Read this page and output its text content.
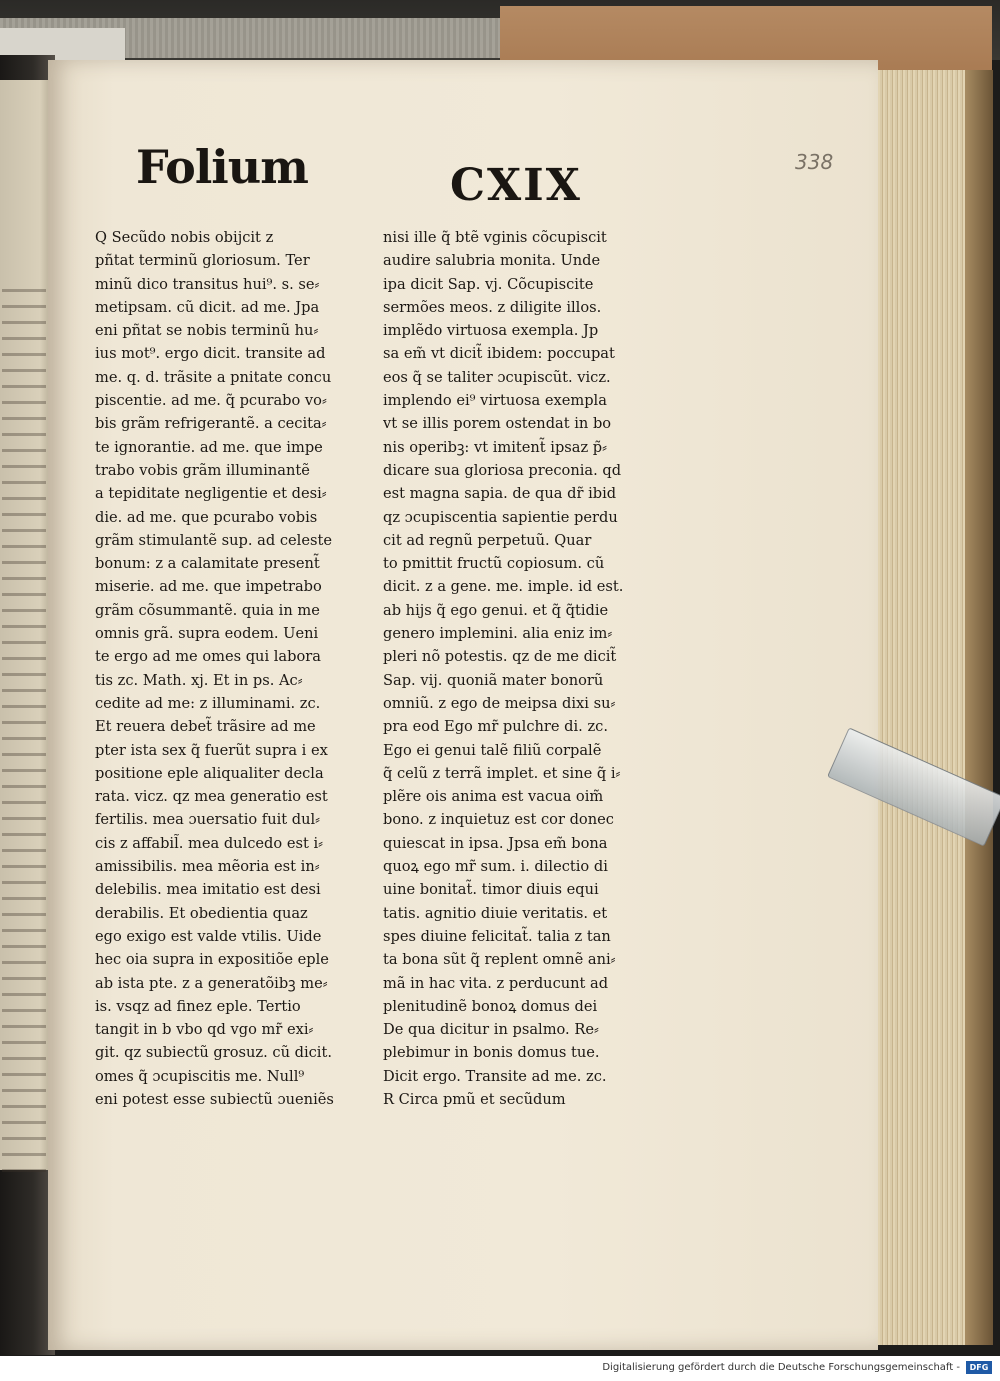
Folium	CXIX	338
Q Secũdo nobis obijcit z
pñtat terminũ gloriosum. Ter
minũ dico transitus hui⁹. s. se⸗
metipsam. cũ dicit. ad me. Jpa
eni pñtat se nobis terminũ hu⸗
ius mot⁹. ergo dicit. transite ad
me. q. d. trãsite a pnitate concu
piscentie. ad me. q̃ pcurabo vo⸗
bis grãm refrigerantẽ. a cecita⸗
te ignorantie. ad me. que impe
trabo vobis grãm illuminantẽ
a tepiditate negligentie et desi⸗
die. ad me. que pcurabo vobis
grãm stimulantẽ sup. ad celeste
bonum: z a calamitate present̃
miserie. ad me. que impetrabo
grãm cõsummantẽ. quia in me
omnis grã. supra eodem. Ueni
te ergo ad me omes qui labora
tis zc. Math. xj. Et in ps. Ac⸗
cedite ad me: z illuminami. zc.
Et reuera debet̃ trãsire ad me
pter ista sex q̃ fuerũt supra i ex
positione eple aliqualiter decla
rata. vicz. qz mea generatio est
fertilis. mea ɔuersatio fuit dul⸗
cis z affabil̃. mea dulcedo est i⸗
amissibilis. mea mẽoria est in⸗
delebilis. mea imitatio est desi
derabilis. Et obedientia quaz
ego exigo est valde vtilis. Uide
hec oia supra in expositiõe eple
ab ista pte. z a generatõibꝫ me⸗
is. vsqz ad finez eple. Tertio
tangit in b vbo qd vgo mr̃ exi⸗
git. qz subiectũ grosuz. cũ dicit.
omes q̃ ɔcupiscitis me. Null⁹
eni potest esse subiectũ ɔueniẽs
nisi ille q̃ btẽ vginis cõcupiscit
audire salubria monita. Unde
ipa dicit Sap. vj. Cõcupiscite
sermões meos. z diligite illos.
implẽdo virtuosa exempla. Jp
sa em̃ vt dicit̃ ibidem: poccupat
eos q̃ se taliter ɔcupiscũt. vicz.
implendo ei⁹ virtuosa exempla
vt se illis porem ostendat in bo
nis operibꝫ: vt imitent̃ ipsaz p̃⸗
dicare sua gloriosa preconia. qd
est magna sapia. de qua dr̃ ibid
qz ɔcupiscentia sapientie perdu
cit ad regnũ perpetuũ. Quar
to pmittit fructũ copiosum. cũ
dicit. z a gene. me. imple. id est.
ab hijs q̃ ego genui. et q̃ q̃tidie
genero implemini. alia eniz im⸗
pleri nõ potestis. qz de me dicit̃
Sap. vij. quoniã mater bonorũ
omniũ. z ego de meipsa dixi su⸗
pra eod Ego mr̃ pulchre di. zc.
Ego ei genui talẽ filiũ corpalẽ
q̃ celũ z terrã implet. et sine q̃ i⸗
plẽre ois anima est vacua oim̃
bono. z inquietuz est cor donec
quiescat in ipsa. Jpsa em̃ bona
quoꝝ ego mr̃ sum. i. dilectio di
uine bonitat̃. timor diuis equi
tatis. agnitio diuie veritatis. et
spes diuine felicitat̃. talia z tan
ta bona sũt q̃ replent omnẽ ani⸗
mã in hac vita. z perducunt ad
plenitudinẽ bonoꝝ domus dei
De qua dicitur in psalmo. Re⸗
plebimur in bonis domus tue.
Dicit ergo. Transite ad me. zc.
R Circa pmũ et secũdum
Digitalisierung gefördert durch die Deutsche Forschungsgemeinschaft -	DFG
